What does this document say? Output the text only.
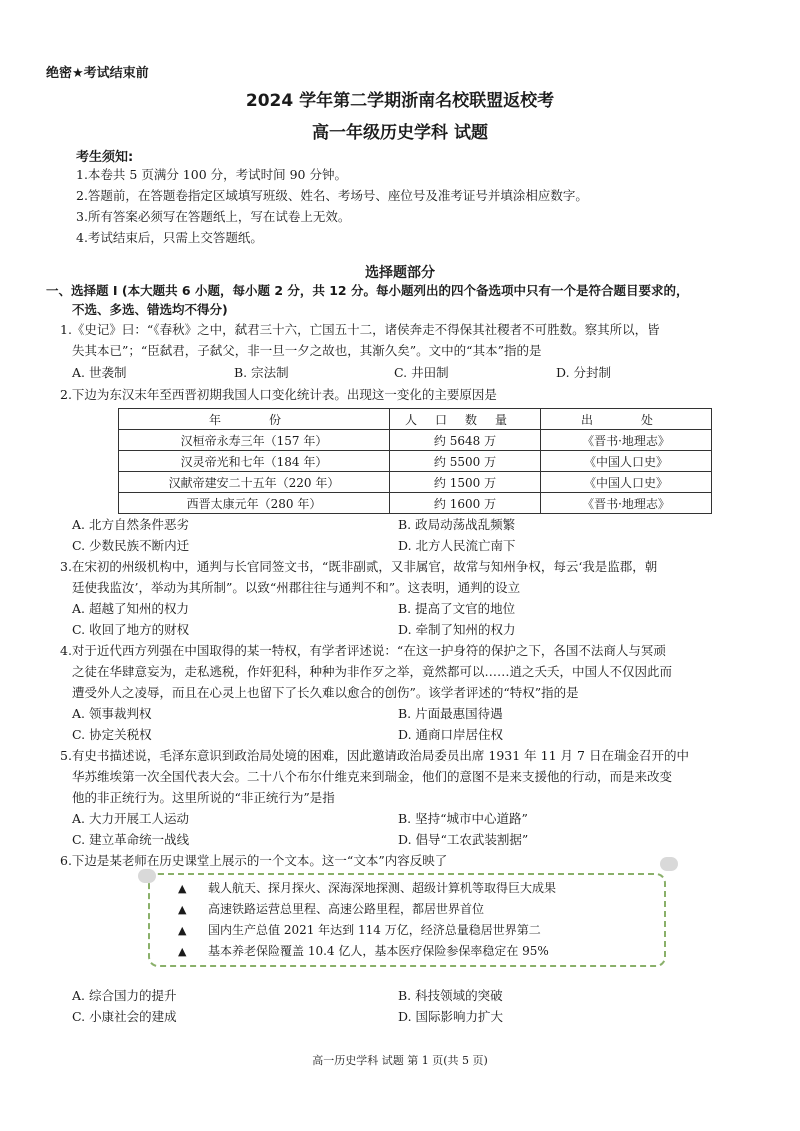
绝密★考试结束前
2024 学年第二学期浙南名校联盟返校考
高一年级历史学科 试题
考生须知:
1.本卷共 5 页满分 100 分，考试时间 90 分钟。
2.答题前，在答题卷指定区域填写班级、姓名、考场号、座位号及准考证号并填涂相应数字。
3.所有答案必须写在答题纸上，写在试卷上无效。
4.考试结束后，只需上交答题纸。
选择题部分
一、选择题 I (本大题共 6 小题，每小题 2 分，共 12 分。每小题列出的四个备选项中只有一个是符合题目要求的，
不选、多选、错选均不得分)
1.《史记》曰：“《春秋》之中，弑君三十六，亡国五十二，诸侯奔走不得保其社稷者不可胜数。察其所以，皆
失其本已”；“臣弑君，子弑父，非一旦一夕之故也，其渐久矣”。文中的“其本”指的是
A. 世袭制	B. 宗法制	C. 井田制	D. 分封制
2.下边为东汉末年至西晋初期我国人口变化统计表。出现这一变化的主要原因是
年　份	人口数量	出　处
汉桓帝永寿三年（157 年）	约 5648 万	《晋书·地理志》
汉灵帝光和七年（184 年）	约 5500 万	《中国人口史》
汉献帝建安二十五年（220 年）	约 1500 万	《中国人口史》
西晋太康元年（280 年）	约 1600 万	《晋书·地理志》
A. 北方自然条件恶劣	B. 政局动荡战乱频繁
C. 少数民族不断内迁	D. 北方人民流亡南下
3.在宋初的州级机构中，通判与长官同签文书，“既非副贰，又非属官，故常与知州争权，每云‘我是监郡，朝
廷使我监汝’，举动为其所制”。以致“州郡往往与通判不和”。这表明，通判的设立
A. 超越了知州的权力	B. 提高了文官的地位
C. 收回了地方的财权	D. 牵制了知州的权力
4.对于近代西方列强在中国取得的某一特权，有学者评述说：“在这一护身符的保护之下，各国不法商人与冥顽
之徒在华肆意妄为，走私逃税，作奸犯科，种种为非作歹之举，竟然都可以……逍之夭夭，中国人不仅因此而
遭受外人之凌辱，而且在心灵上也留下了长久难以愈合的创伤”。该学者评述的“特权”指的是
A. 领事裁判权	B. 片面最惠国待遇
C. 协定关税权	D. 通商口岸居住权
5.有史书描述说，毛泽东意识到政治局处境的困难，因此邀请政治局委员出席 1931 年 11 月 7 日在瑞金召开的中
华苏维埃第一次全国代表大会。二十八个布尔什维克来到瑞金，他们的意图不是来支援他的行动，而是来改变
他的非正统行为。这里所说的“非正统行为”是指
A. 大力开展工人运动	B. 坚持“城市中心道路”
C. 建立革命统一战线	D. 倡导“工农武装割据”
6.下边是某老师在历史课堂上展示的一个文本。这一“文本”内容反映了
▲ 载人航天、探月探火、深海深地探测、超级计算机等取得巨大成果
▲ 高速铁路运营总里程、高速公路里程，都居世界首位
▲ 国内生产总值 2021 年达到 114 万亿，经济总量稳居世界第二
▲ 基本养老保险覆盖 10.4 亿人，基本医疗保险参保率稳定在 95%
A. 综合国力的提升	B. 科技领域的突破
C. 小康社会的建成	D. 国际影响力扩大
高一历史学科 试题 第 1 页(共 5 页)
